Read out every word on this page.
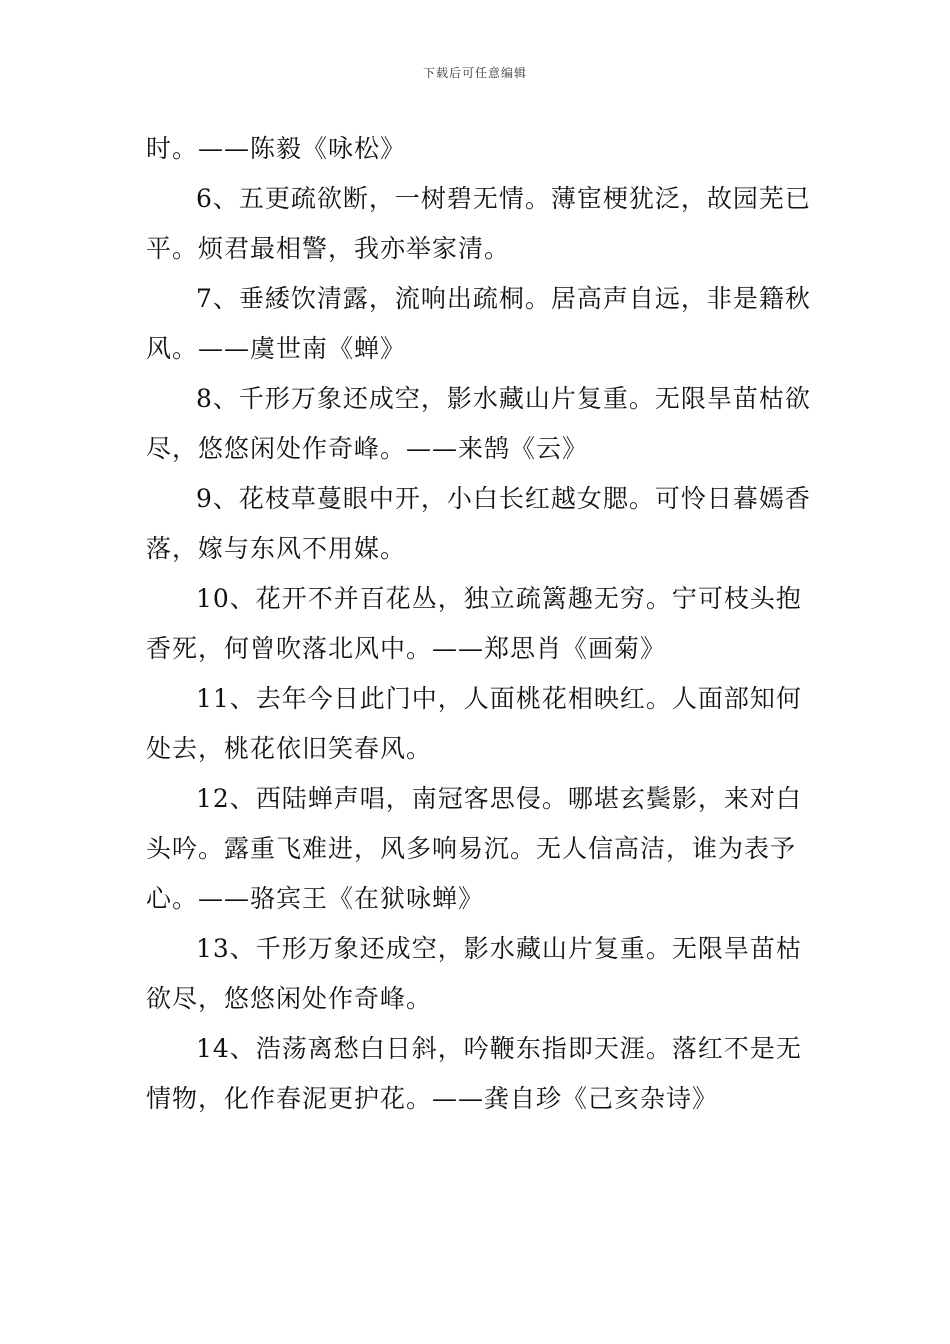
下载后可任意编辑
时。——陈毅《咏松》
6、五更疏欲断，一树碧无情。薄宦梗犹泛，故园芜已
平。烦君最相警，我亦举家清。
7、垂緌饮清露，流响出疏桐。居高声自远，非是籍秋
风。——虞世南《蝉》
8、千形万象还成空，影水藏山片复重。无限旱苗枯欲
尽，悠悠闲处作奇峰。——来鹄《云》
9、花枝草蔓眼中开，小白长红越女腮。可怜日暮嫣香
落，嫁与东风不用媒。
10、花开不并百花丛，独立疏篱趣无穷。宁可枝头抱
香死，何曾吹落北风中。——郑思肖《画菊》
11、去年今日此门中，人面桃花相映红。人面部知何
处去，桃花依旧笑春风。
12、西陆蝉声唱，南冠客思侵。哪堪玄鬓影，来对白
头吟。露重飞难进，风多响易沉。无人信高洁，谁为表予
心。——骆宾王《在狱咏蝉》
13、千形万象还成空，影水藏山片复重。无限旱苗枯
欲尽，悠悠闲处作奇峰。
14、浩荡离愁白日斜，吟鞭东指即天涯。落红不是无
情物，化作春泥更护花。——龚自珍《己亥杂诗》
